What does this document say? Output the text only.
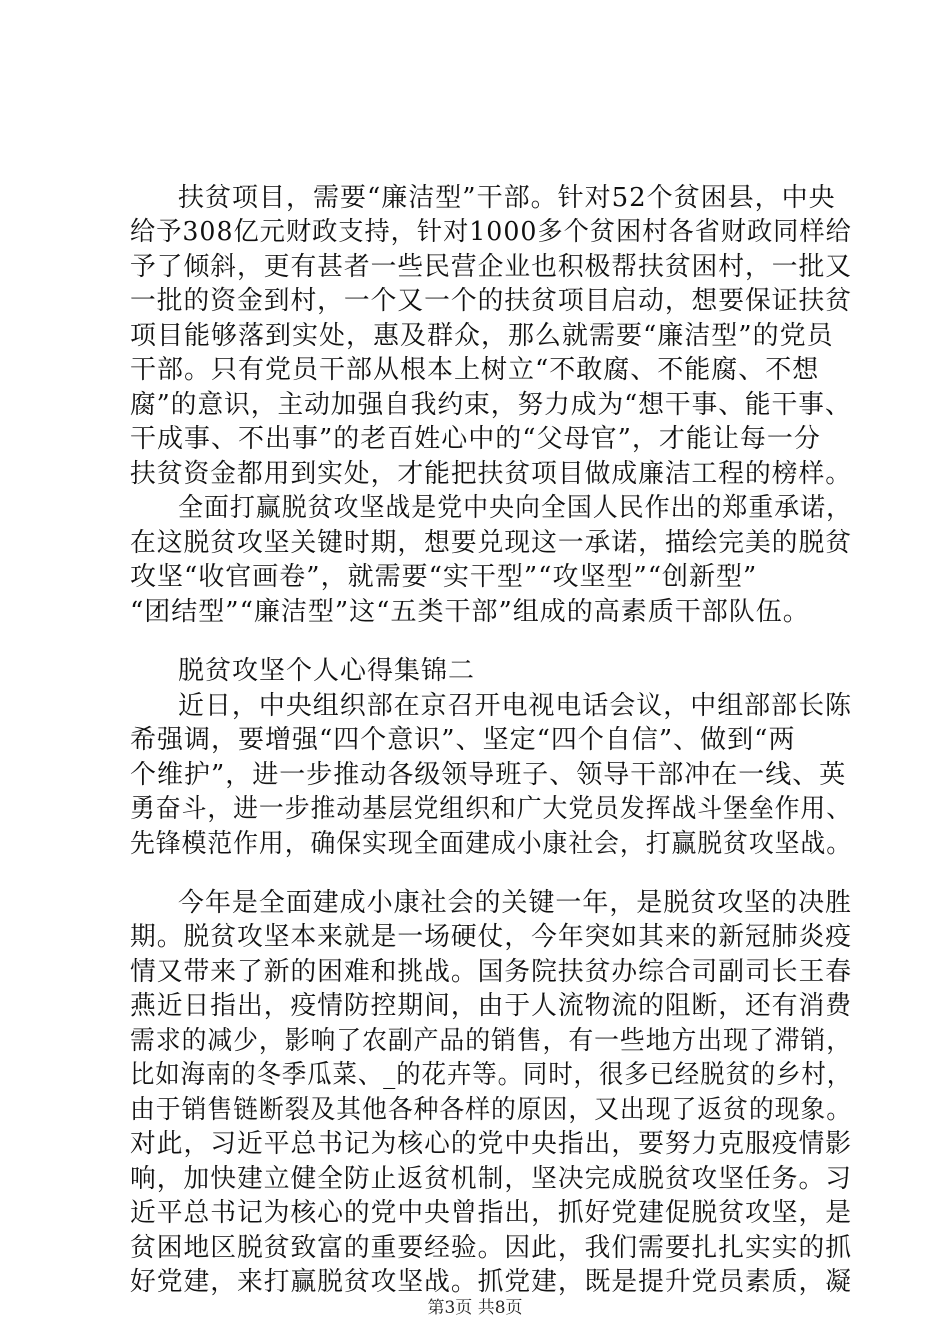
扶贫项目，需要“廉洁型”干部。针对52个贫困县，中央
给予308亿元财政支持，针对1000多个贫困村各省财政同样给
予了倾斜，更有甚者一些民营企业也积极帮扶贫困村，一批又
一批的资金到村，一个又一个的扶贫项目启动，想要保证扶贫
项目能够落到实处，惠及群众，那么就需要“廉洁型”的党员
干部。只有党员干部从根本上树立“不敢腐、不能腐、不想
腐”的意识，主动加强自我约束，努力成为“想干事、能干事、
干成事、不出事”的老百姓心中的“父母官”，才能让每一分
扶贫资金都用到实处，才能把扶贫项目做成廉洁工程的榜样。
全面打赢脱贫攻坚战是党中央向全国人民作出的郑重承诺，
在这脱贫攻坚关键时期，想要兑现这一承诺，描绘完美的脱贫
攻坚“收官画卷”，就需要“实干型”“攻坚型”“创新型”
“团结型”“廉洁型”这“五类干部”组成的高素质干部队伍。
脱贫攻坚个人心得集锦二
近日，中央组织部在京召开电视电话会议，中组部部长陈
希强调，要增强“四个意识”、坚定“四个自信”、做到“两
个维护”，进一步推动各级领导班子、领导干部冲在一线、英
勇奋斗，进一步推动基层党组织和广大党员发挥战斗堡垒作用、
先锋模范作用，确保实现全面建成小康社会，打赢脱贫攻坚战。
今年是全面建成小康社会的关键一年，是脱贫攻坚的决胜
期。脱贫攻坚本来就是一场硬仗，今年突如其来的新冠肺炎疫
情又带来了新的困难和挑战。国务院扶贫办综合司副司长王春
燕近日指出，疫情防控期间，由于人流物流的阻断，还有消费
需求的减少，影响了农副产品的销售，有一些地方出现了滞销，
比如海南的冬季瓜菜、_的花卉等。同时，很多已经脱贫的乡村，
由于销售链断裂及其他各种各样的原因，又出现了返贫的现象。
对此，习近平总书记为核心的党中央指出，要努力克服疫情影
响，加快建立健全防止返贫机制，坚决完成脱贫攻坚任务。习
近平总书记为核心的党中央曾指出，抓好党建促脱贫攻坚，是
贫困地区脱贫致富的重要经验。因此，我们需要扎扎实实的抓
好党建，来打赢脱贫攻坚战。抓党建，既是提升党员素质，凝
第3页 共8页
